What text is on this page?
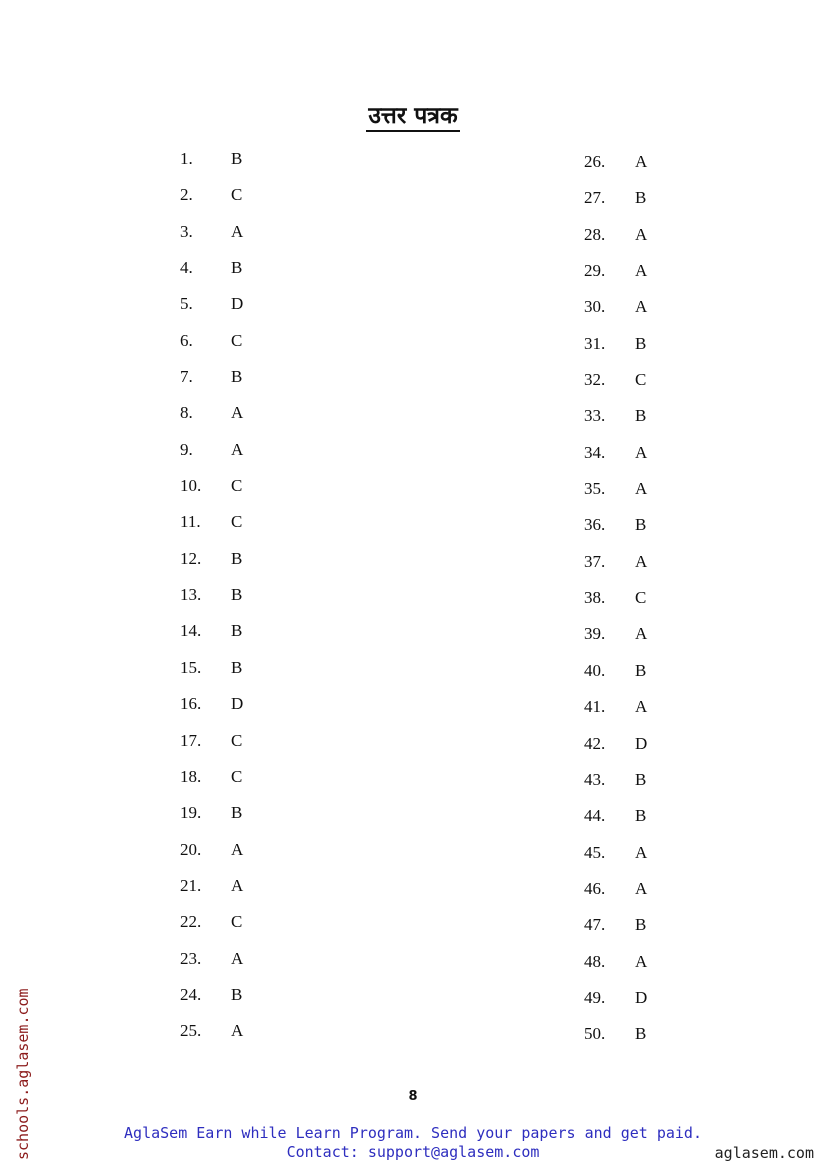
उत्तर पत्रक
1.	B
2.	C
3.	A
4.	B
5.	D
6.	C
7.	B
8.	A
9.	A
10.	C
11.	C
12.	B
13.	B
14.	B
15.	B
16.	D
17.	C
18.	C
19.	B
20.	A
21.	A
22.	C
23.	A
24.	B
25.	A
26.	A
27.	B
28.	A
29.	A
30.	A
31.	B
32.	C
33.	B
34.	A
35.	A
36.	B
37.	A
38.	C
39.	A
40.	B
41.	A
42.	D
43.	B
44.	B
45.	A
46.	A
47.	B
48.	A
49.	D
50.	B
8
schools.aglasem.com	AglaSem Earn while Learn Program. Send your papers and get paid.
Contact: support@aglasem.com	aglasem.com
